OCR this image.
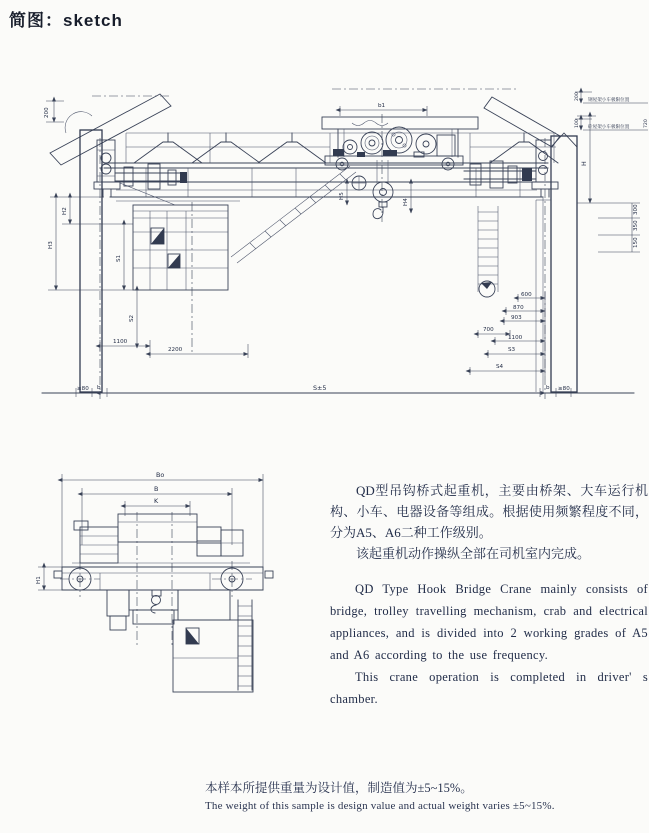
简图：sketch
200
b1
H5
H4
H2
H3
S1
S2
1100
2200
600
870
903
700
1100
S3
S4
S±5
≥80 b	b ≥80
H
300
350
150
200
100
钢屋架小车极限位置
砼屋架小车极限位置	720
Bo
B
K
H1

QD型吊钩桥式起重机，主要由桥架、大车运行机构、小车、电器设备等组成。根据使用频繁程度不同，分为A5、A6二种工作级别。

该起重机动作操纵全部在司机室内完成。

QD Type Hook Bridge Crane mainly consists of bridge, trolley travelling mechanism, crab and electrical appliances, and is divided into 2 working grades of A5 and A6 according to the use frequency.

This crane operation is completed in driver' s chamber.

本样本所提供重量为设计值，制造值为±5~15%。

The weight of this sample is design value and actual weight varies ±5~15%.
